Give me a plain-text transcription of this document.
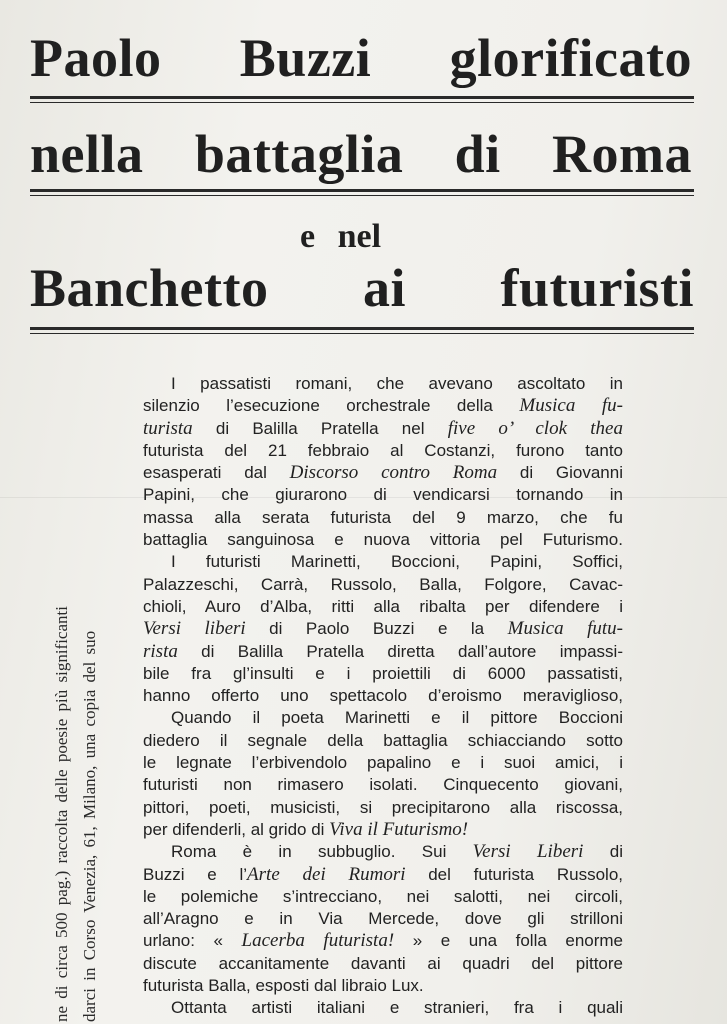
Paolo Buzzi glorificato
nella battaglia di Roma
e nel
Banchetto ai futuristi
ne di circa 500 pag.) raccolta delle poesie più significanti darci in Corso Venezia, 61, Milano, una copia del suo
I passatisti romani, che avevano ascoltato in
silenzio l’esecuzione orchestrale della Musica fu-
turista di Balilla Pratella nel five o’ clok thea
futurista del 21 febbraio al Costanzi, furono tanto
esasperati dal Discorso contro Roma di Giovanni
Papini, che giurarono di vendicarsi tornando in
massa alla serata futurista del 9 marzo, che fu
battaglia sanguinosa e nuova vittoria pel Futurismo.
I futuristi Marinetti, Boccioni, Papini, Soffici,
Palazzeschi, Carrà, Russolo, Balla, Folgore, Cavac-
chioli, Auro d’Alba, ritti alla ribalta per difendere i
Versi liberi di Paolo Buzzi e la Musica futu-
rista di Balilla Pratella diretta dall’autore impassi-
bile fra gl’insulti e i proiettili di 6000 passatisti,
hanno offerto uno spettacolo d’eroismo meraviglioso,
Quando il poeta Marinetti e il pittore Boccioni
diedero il segnale della battaglia schiacciando sotto
le legnate l’erbivendolo papalino e i suoi amici, i
futuristi non rimasero isolati. Cinquecento giovani,
pittori, poeti, musicisti, si precipitarono alla riscossa,
per difenderli, al grido di Viva il Futurismo!
Roma è in subbuglio. Sui Versi Liberi di
Buzzi e l’Arte dei Rumori del futurista Russolo,
le polemiche s’intrecciano, nei salotti, nei circoli,
all’Aragno e in Via Mercede, dove gli strilloni
urlano: « Lacerba futurista! » e una folla enorme
discute accanitamente davanti ai quadri del pittore
futurista Balla, esposti dal libraio Lux.
Ottanta artisti italiani e stranieri, fra i quali
